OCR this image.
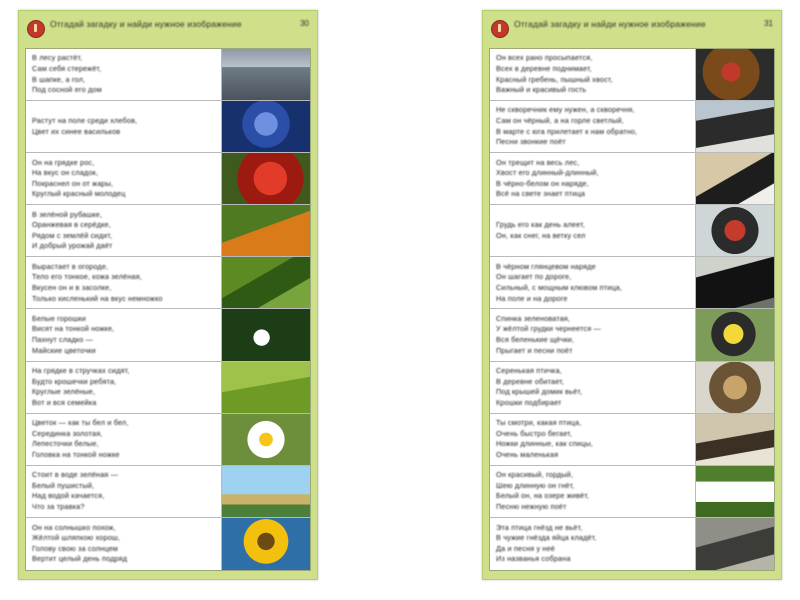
Отгадай загадку и найди нужное изображение	30
В лесу растёт,
Сам себя стережёт,
В шапке, а гол,
Под сосной его дом
Растут на поле среди хлебов,
Цвет их синее васильков
Он на грядке рос,
На вкус он сладок,
Покраснел он от жары,
Круглый красный молодец
В зелёной рубашке,
Оранжевая в серёдке,
Рядом с землёй сидит,
И добрый урожай даёт
Вырастает в огороде,
Тело его тонкое, кожа зелёная,
Вкусен он и в засолке,
Только кисленький на вкус немножко
Белые горошки
Висят на тонкой ножке,
Пахнут сладко —
Майские цветочки
На грядке в стручках сидят,
Будто крошечки ребята,
Круглые зелёные,
Вот и вся семейка
Цветок — как ты бел и бел,
Серединка золотая,
Лепесточки белые,
Головка на тонкой ножке
Стоит в воде зелёная —
Белый пушистый,
Над водой качается,
Что за травка?
Он на солнышко похож,
Жёлтой шляпкою хорош,
Голову свою за солнцем
Вертит целый день подряд
Отгадай загадку и найди нужное изображение	31
Он всех рано просыпается,
Всех в деревне поднимает,
Красный гребень, пышный хвост,
Важный и красивый гость
Не скворечник ему нужен, а скворечня,
Сам он чёрный, а на горле светлый,
В марте с юга прилетает к нам обратно,
Песни звонкие поёт
Он трещит на весь лес,
Хвост его длинный-длинный,
В чёрно-белом он наряде,
Всё на свете знает птица
Грудь его как день алеет,
Он, как снег, на ветку сел
В чёрном глянцевом наряде
Он шагает по дороге,
Сильный, с мощным клювом птица,
На поле и на дороге
Спинка зеленоватая,
У жёлтой грудки чернеется —
Вся беленькие щёчки,
Прыгает и песни поёт
Серенькая птичка,
В деревне обитает,
Под крышей домик вьёт,
Крошки подбирает
Ты смотри, какая птица,
Очень быстро бегает,
Ножки длинные, как спицы,
Очень маленькая
Он красивый, гордый,
Шею длинную он гнёт,
Белый он, на озере живёт,
Песню нежную поёт
Эта птица гнёзд не вьёт,
В чужие гнёзда яйца кладёт,
Да и песня у неё
Из названья собрана
